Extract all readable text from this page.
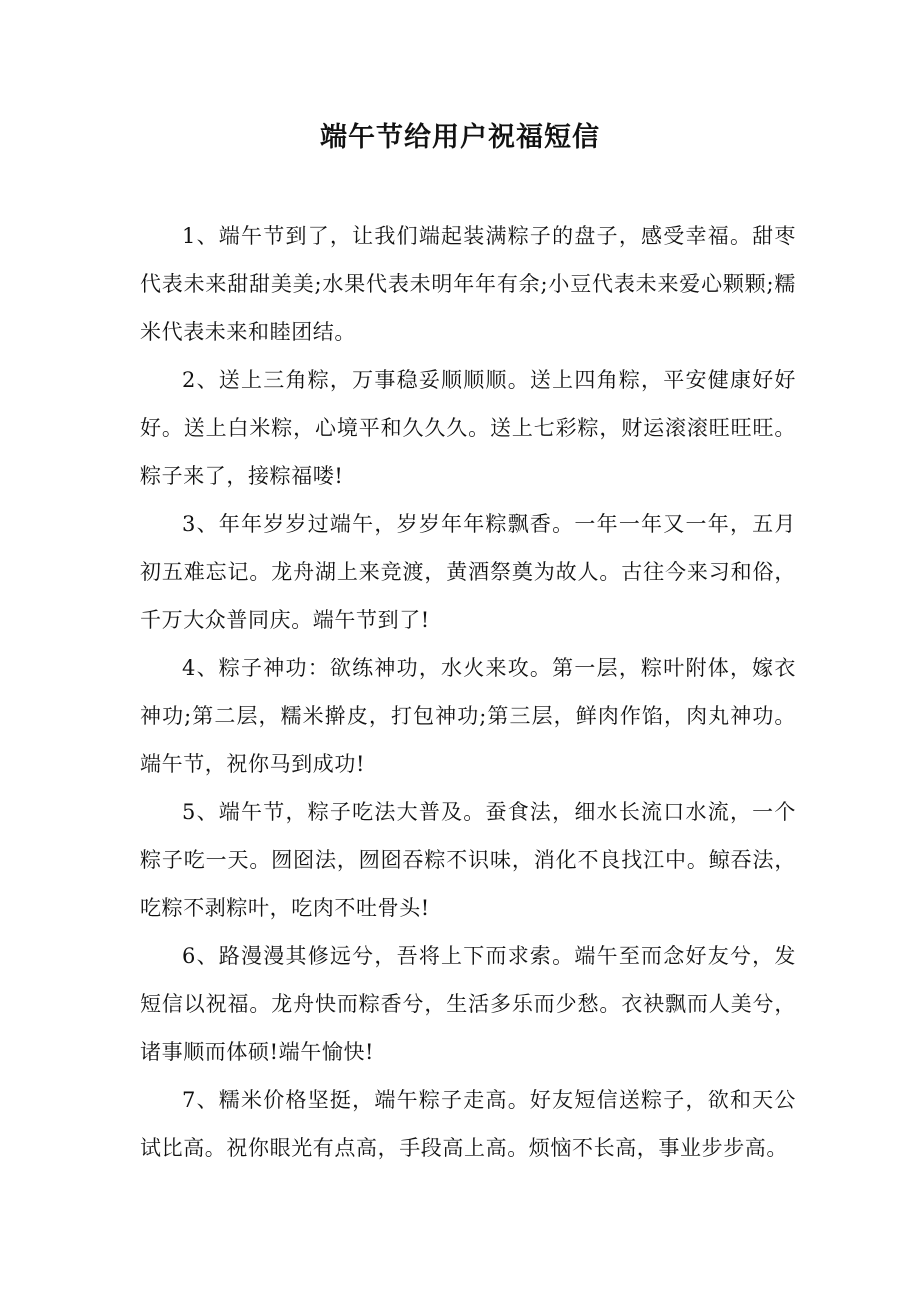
端午节给用户祝福短信

1、端午节到了，让我们端起装满粽子的盘子，感受幸福。甜枣代表未来甜甜美美;水果代表未明年年有余;小豆代表未来爱心颗颗;糯米代表未来和睦团结。

2、送上三角粽，万事稳妥顺顺顺。送上四角粽，平安健康好好好。送上白米粽，心境平和久久久。送上七彩粽，财运滚滚旺旺旺。粽子来了，接粽福喽!

3、年年岁岁过端午，岁岁年年粽飘香。一年一年又一年，五月初五难忘记。龙舟湖上来竞渡，黄酒祭奠为故人。古往今来习和俗，千万大众普同庆。端午节到了!

4、粽子神功：欲练神功，水火来攻。第一层，粽叶附体，嫁衣神功;第二层，糯米擀皮，打包神功;第三层，鲜肉作馅，肉丸神功。端午节，祝你马到成功!

5、端午节，粽子吃法大普及。蚕食法，细水长流口水流，一个粽子吃一天。囫囵法，囫囵吞粽不识味，消化不良找江中。鲸吞法，吃粽不剥粽叶，吃肉不吐骨头!

6、路漫漫其修远兮，吾将上下而求索。端午至而念好友兮，发短信以祝福。龙舟快而粽香兮，生活多乐而少愁。衣袂飘而人美兮，诸事顺而体硕!端午愉快!

7、糯米价格坚挺，端午粽子走高。好友短信送粽子，欲和天公试比高。祝你眼光有点高，手段高上高。烦恼不长高，事业步步高。
